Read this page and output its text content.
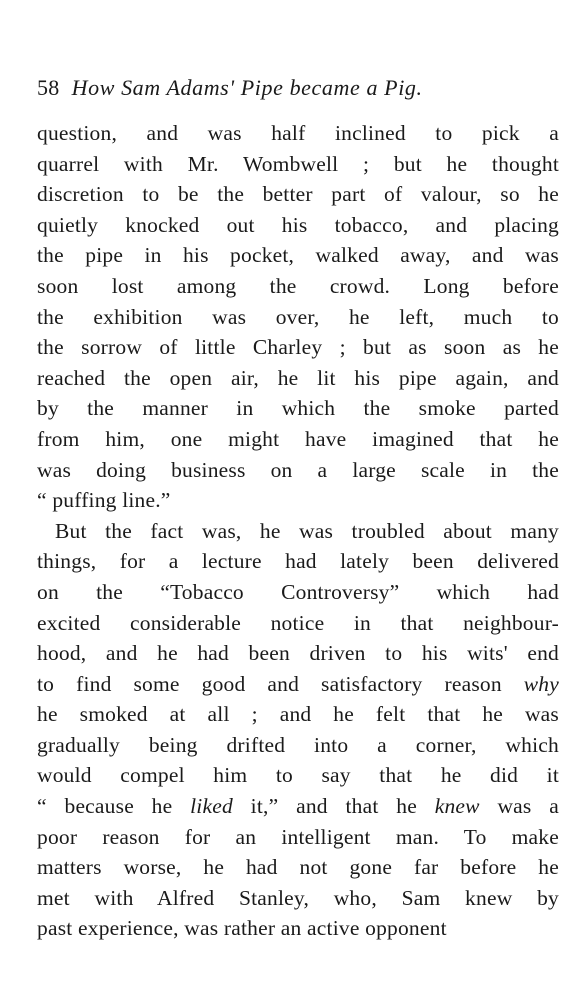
58 How Sam Adams' Pipe became a Pig.
question, and was half inclined to pick a
quarrel with Mr. Wombwell ; but he thought
discretion to be the better part of valour, so he
quietly knocked out his tobacco, and placing
the pipe in his pocket, walked away, and was
soon lost among the crowd. Long before
the exhibition was over, he left, much to
the sorrow of little Charley ; but as soon as he
reached the open air, he lit his pipe again, and
by the manner in which the smoke parted
from him, one might have imagined that he
was doing business on a large scale in the
“ puffing line.”
But the fact was, he was troubled about many
things, for a lecture had lately been delivered
on the “Tobacco Controversy” which had
excited considerable notice in that neighbour-
hood, and he had been driven to his wits' end
to find some good and satisfactory reason why
he smoked at all ; and he felt that he was
gradually being drifted into a corner, which
would compel him to say that he did it
“ because he liked it,” and that he knew was a
poor reason for an intelligent man. To make
matters worse, he had not gone far before he
met with Alfred Stanley, who, Sam knew by
past experience, was rather an active opponent
